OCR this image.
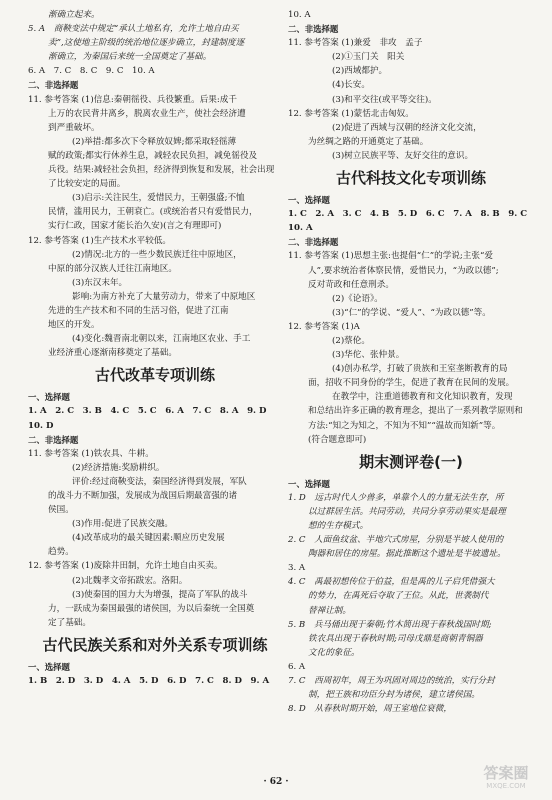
渐确立起来。
5. A　商鞅变法中规定“承认土地私有，允许土地自由买
卖”,这使地主阶级的统治地位逐步确立，封建制度逐
渐确立，为秦国后来统一全国奠定了基础。
6. A　7. C　8. C　9. C　10. A
二、非选择题
11. 参考答案 (1)信息:秦朝徭役、兵役繁重。后果:成千
上万的农民背井离乡，脱离农业生产，使社会经济遭
到严重破坏。
(2)举措:都多次下令释放奴婢;都采取轻徭薄
赋的政策;都实行休养生息，减轻农民负担，减免徭役及
兵役。结果:减轻社会负担，经济得到恢复和发展，社会出现
了比较安定的局面。
(3)启示:关注民生，爱惜民力，王朝强盛;不恤
民情，滥用民力，王朝衰亡。(或统治者只有爱惜民力，
实行仁政，国家才能长治久安)(言之有理即可)
12. 参考答案 (1)生产技术水平较低。
(2)情况:北方的一些少数民族迁往中原地区，
中原的部分汉族人迁往江南地区。
(3)东汉末年。
影响:为南方补充了大量劳动力，带来了中原地区
先进的生产技术和不同的生活习俗，促进了江南
地区的开发。
(4)变化:魏晋南北朝以来，江南地区农业、手工
业经济重心逐渐南移奠定了基础。
古代改革专项训练
一、选择题
1. A　2. C　3. B　4. C　5. C　6. A　7. C　8. A　9. D
10. D
二、非选择题
11. 参考答案 (1)铁农具、牛耕。
(2)经济措施:奖励耕织。
评价:经过商鞅变法，秦国经济得到发展，军队
的战斗力不断加强，发展成为战国后期最富强的诸
侯国。
(3)作用:促进了民族交融。
(4)改革成功的最关键因素:顺应历史发展
趋势。
12. 参考答案 (1)废除井田制，允许土地自由买卖。
(2)北魏孝文帝拓跋宏。洛阳。
(3)使秦国的国力大为增强，提高了军队的战斗
力，一跃成为秦国最强的诸侯国，为以后秦统一全国奠
定了基础。
古代民族关系和对外关系专项训练
一、选择题
1. B　2. D　3. D　4. A　5. D　6. D　7. C　8. D　9. A
10. A
二、非选择题
11. 参考答案 (1)兼爱　非攻　孟子
(2)①玉门关　阳关
(2)西域都护。
(4)长安。
(3)和平交往(或平等交往)。
12. 参考答案 (1)蒙恬北击匈奴。
(2)促进了西域与汉朝的经济文化交流，
为丝绸之路的开通奠定了基础。
(3)树立民族平等、友好交往的意识。
古代科技文化专项训练
一、选择题
1. C　2. A　3. C　4. B　5. D　6. C　7. A　8. B　9. C
10. A
二、非选择题
11. 参考答案 (1)思想主张:也提倡“仁”的学说;主张“爱
人”,要求统治者体察民情，爱惜民力，“为政以德”;
反对苛政和任意刑杀。
(2)《论语》。
(3)“仁”的学说、“爱人”、“为政以德”等。
12. 参考答案 (1)A
(2)蔡伦。
(3)华佗、张仲景。
(4)创办私学，打破了贵族和王室垄断教育的局
面，招收不同身份的学生，促进了教育在民间的发展。
在教学中，注重道德教育和文化知识教育，发现
和总结出许多正确的教育理念，提出了一系列教学原则和
方法:“知之为知之，不知为不知”“温故而知新”等。
(符合题意即可)
期末测评卷(一)
一、选择题
1. D　远古时代人少兽多，单靠个人的力量无法生存，所
以过群居生活。共同劳动，共同分享劳动果实是最理
想的生存模式。
2. C　人面鱼纹盆、半地穴式房屋，分别是半坡人使用的
陶器和居住的房屋。据此推断这个遗址是半坡遗址。
3. A
4. C　禹最初想传位于伯益，但是禹的儿子启凭借强大
的势力，在禹死后夺取了王位。从此，世袭制代
替禅让制。
5. B　兵马俑出现于秦朝;竹木简出现于春秋战国时期;
铁农具出现于春秋时期;司母戊鼎是商朝青铜器
文化的象征。
6. A
7. C　西周初年，周王为巩固对周边的统治，实行分封
制，把王族和功臣分封为诸侯，建立诸侯国。
8. D　从春秋时期开始，周王室地位衰微，
· 62 ·	答案圈
MXQE.COM
